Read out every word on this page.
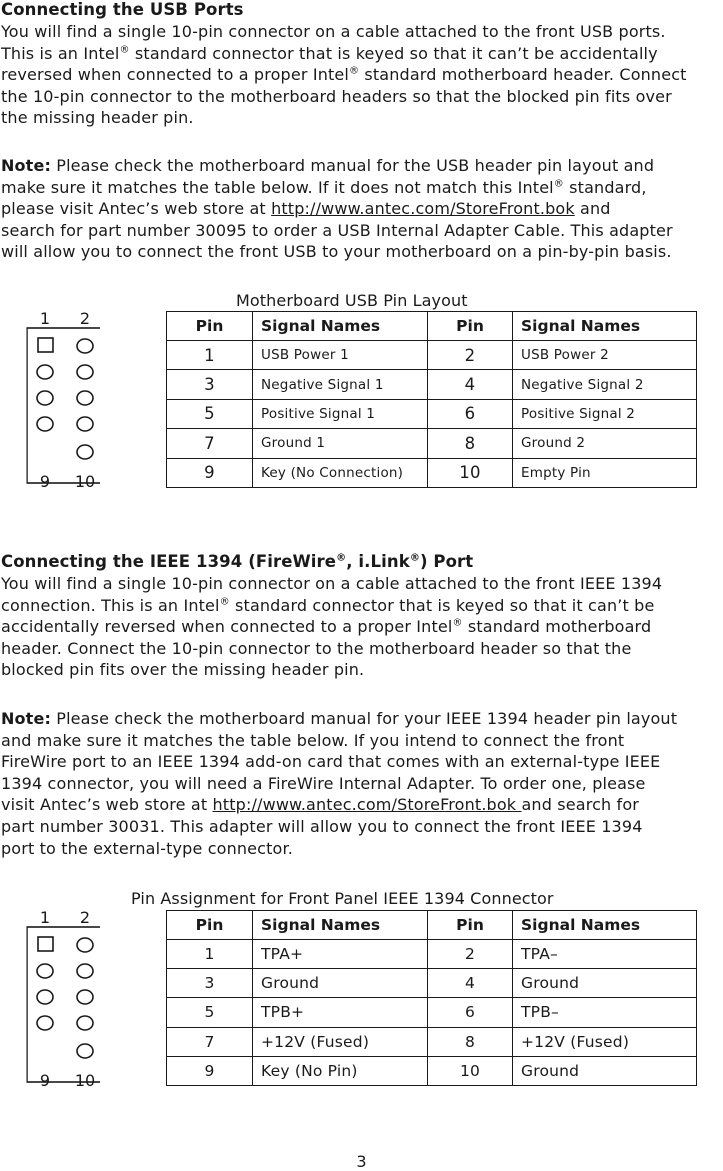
Connecting the USB Ports

You will find a single 10-pin connector on a cable attached to the front USB ports.
This is an Intel® standard connector that is keyed so that it can’t be accidentally
reversed when connected to a proper Intel® standard motherboard header. Connect
the 10-pin connector to the motherboard headers so that the blocked pin fits over
the missing header pin.

Note: Please check the motherboard manual for the USB header pin layout and
make sure it matches the table below. If it does not match this Intel® standard,
please visit Antec’s web store at http://www.antec.com/StoreFront.bok and
search for part number 30095 to order a USB Internal Adapter Cable. This adapter
will allow you to connect the front USB to your motherboard on a pin-by-pin basis.

1 2
9 10
Motherboard USB Pin Layout
Pin	Signal Names	Pin	Signal Names
1	USB Power 1	2	USB Power 2
3	Negative Signal 1	4	Negative Signal 2
5	Positive Signal 1	6	Positive Signal 2
7	Ground 1	8	Ground 2
9	Key (No Connection)	10	Empty Pin
Connecting the IEEE 1394 (FireWire®, i.Link®) Port

You will find a single 10-pin connector on a cable attached to the front IEEE 1394
connection. This is an Intel® standard connector that is keyed so that it can’t be
accidentally reversed when connected to a proper Intel® standard motherboard
header. Connect the 10-pin connector to the motherboard header so that the
blocked pin fits over the missing header pin.

Note: Please check the motherboard manual for your IEEE 1394 header pin layout
and make sure it matches the table below. If you intend to connect the front
FireWire port to an IEEE 1394 add-on card that comes with an external-type IEEE
1394 connector, you will need a FireWire Internal Adapter. To order one, please
visit Antec’s web store at http://www.antec.com/StoreFront.bok and search for
part number 30031. This adapter will allow you to connect the front IEEE 1394
port to the external-type connector.

1 2
9 10
Pin Assignment for Front Panel IEEE 1394 Connector
Pin	Signal Names	Pin	Signal Names
1	TPA+	2	TPA–
3	Ground	4	Ground
5	TPB+	6	TPB–
7	+12V (Fused)	8	+12V (Fused)
9	Key (No Pin)	10	Ground
3
